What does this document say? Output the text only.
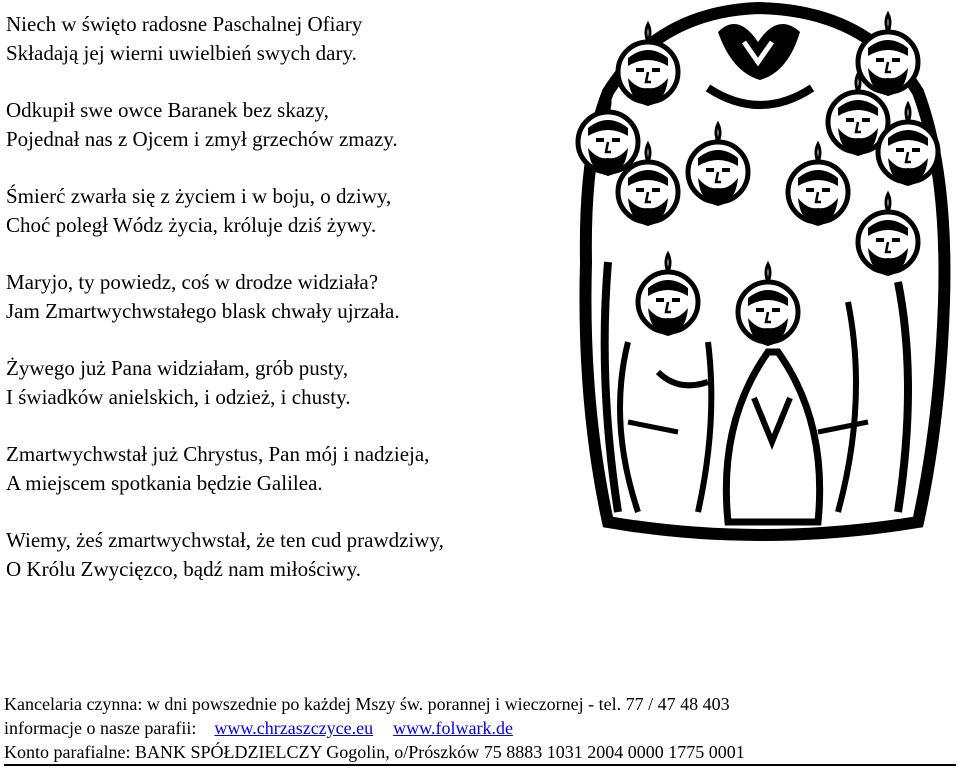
Niech w święto radosne Paschalnej Ofiary
Składają jej wierni uwielbień swych dary.
Odkupił swe owce Baranek bez skazy,
Pojednał nas z Ojcem i zmył grzechów zmazy.
Śmierć zwarła się z życiem i w boju, o dziwy,
Choć poległ Wódz życia, króluje dziś żywy.
Maryjo, ty powiedz, coś w drodze widziała?
Jam Zmartwychwstałego blask chwały ujrzała.
Żywego już Pana widziałam, grób pusty,
I świadków anielskich, i odzież, i chusty.
Zmartwychwstał już Chrystus, Pan mój i nadzieja,
A miejscem spotkania będzie Galilea.
Wiemy, żeś zmartwychwstał, że ten cud prawdziwy,
O Królu Zwycięzco, bądź nam miłościwy.
Kancelaria czynna: w dni powszednie po każdej Mszy św. porannej i wieczornej - tel. 77 / 47 48 403
informacje o nasze parafii: www.chrzaszczyce.eu www.folwark.de
Konto parafialne: BANK SPÓŁDZIELCZY Gogolin, o/Prószków 75 8883 1031 2004 0000 1775 0001
